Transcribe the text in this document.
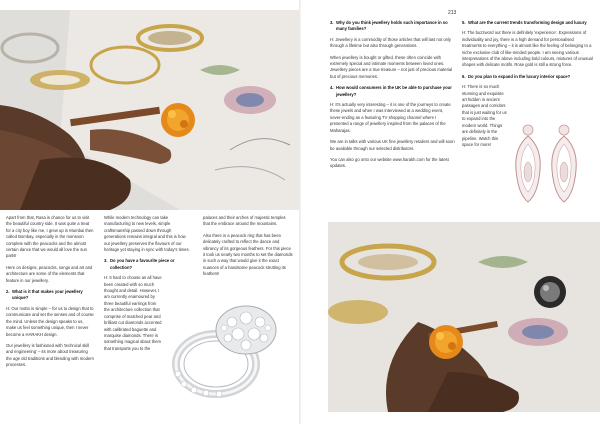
213

Apart from that, Rasa is chance for us to visit the beautiful country side. It was quite a treat for a city boy like me, I grew up in Mumbai then called Bombay, especially in the monsoon complete with the peacocks and the almost certain dance that we would all love the sun parts!

Here on designs, peacocks, songs and art and architecture are some of the elements that feature in our jewellery.

2. What is it that makes your jewellery unique?

H: Our motto is simple – for us to design that to communicate and set the senses and of course the mind. Unless the design speaks to us, make us feel something unique, then I never become a HARAKH design.

Our jewellery is fashioned with 'technical skill and engineering' – its more about treasuring the age old traditions and blending with modern processes.

While modern technology can take manufacturing to new levels, simple craftsmanship passed down through generations remains integral and this is how our jewellery preserves the flavours of our heritage yet staying in sync with today's times.

3. Do you have a favourite piece or collection?

H: It hard to choose as all have been created with so much thought and detail. However, I am currently enamoured by three beautiful earrings from the architecture collection that comprise of matched pear and brilliant cut diamonds accented with calibrated baguette and marquise diamonds. There is something magical about them that transports you to the

palaces and their arches of majestic temples that the embrace around the mountains.

Also there is a peacock ring that has been delicately crafted to reflect the dance and vibrancy of its gorgeous feathers. For this piece it took us nearly two months to set the diamonds in such a way that would give it the exact nuances of a handsome peacock strutting its feathers!

3. Why do you think jewellery holds such importance in so many families?

H: Jewellery is a commodity of those articles that will last not only through a lifetime but also through generations.

When jewellery is bought or gifted, these often coincide with extremely special and intimate moments between loved ones. Jewellery pieces are a true treasure – not just of precious material but of precious memories.

4. How would consumers in the UK be able to purchase your jewellery?

H: It's actually very interesting – it is one of the journeys to create these jewels and when I was interviewed at a wedding event, never-ending as a featuring TV shopping channel where I presented a range of jewellery inspired from the palaces of the Maharajas.

We are in talks with various UK fine jewellery retailers and will soon be available through our selected distributors.

You can also go onto our website www.harakh.com for the latest updates.

5. What are the current trends transforming design and luxury

H: The buzzword out there is definitely 'experience'. Expressions of individuality and joy, there is a high demand for personalised treatments to everything – it is almost like the feeling of belonging to a niche exclusive club of like-minded people. I am seeing various interpretations of the above including bold colours, mixtures of unusual shapes with delicate motifs. Rose gold is still a strong force.

6. Do you plan to expand in the luxury interior space?

H: There is so much stunning and exquisite art hidden in ancient passages and corridors that is just waiting for us to expand into the modern world. Things are definitely in the pipeline. Watch this space for more!
